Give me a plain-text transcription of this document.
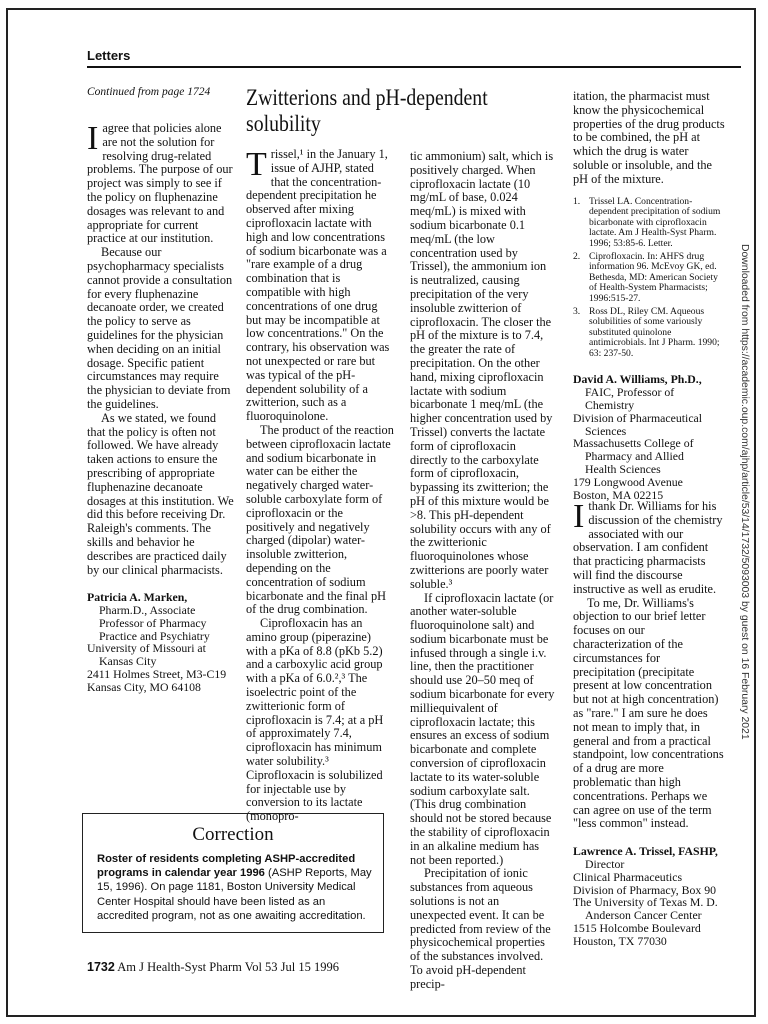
Letters
Continued from page 1724

Iagree that policies alone are not the solution for resolving drug-related problems. The purpose of our project was simply to see if the policy on fluphenazine dosages was relevant to and appropriate for current practice at our institution.

Because our psychopharmacy specialists cannot provide a consultation for every fluphenazine decanoate order, we created the policy to serve as guidelines for the physician when deciding on an initial dosage. Specific patient circumstances may require the physician to deviate from the guidelines.

As we stated, we found that the policy is often not followed. We have already taken actions to ensure the prescribing of appropriate fluphenazine decanoate dosages at this institution. We did this before receiving Dr. Raleigh's comments. The skills and behavior he describes are practiced daily by our clinical pharmacists.

Patricia A. Marken,
Pharm.D., Associate
Professor of Pharmacy
Practice and Psychiatry
University of Missouri at
Kansas City
2411 Holmes Street, M3-C19
Kansas City, MO 64108
Zwitterions and pH-dependent solubility

Trissel,¹ in the January 1, issue of AJHP, stated that the concentration-dependent precipitation he observed after mixing ciprofloxacin lactate with high and low concentrations of sodium bicarbonate was a "rare example of a drug combination that is compatible with high concentrations of one drug but may be incompatible at low concentrations." On the contrary, his observation was not unexpected or rare but was typical of the pH-dependent solubility of a zwitterion, such as a fluoroquinolone.

The product of the reaction between ciprofloxacin lactate and sodium bicarbonate in water can be either the negatively charged water-soluble carboxylate form of ciprofloxacin or the positively and negatively charged (dipolar) water-insoluble zwitterion, depending on the concentration of sodium bicarbonate and the final pH of the drug combination.

Ciprofloxacin has an amino group (piperazine) with a pKa of 8.8 (pKb 5.2) and a carboxylic acid group with a pKa of 6.0.²,³ The isoelectric point of the zwitterionic form of ciprofloxacin is 7.4; at a pH of approximately 7.4, ciprofloxacin has minimum water solubility.³ Ciprofloxacin is solubilized for injectable use by conversion to its lactate (monopro-

tic ammonium) salt, which is positively charged. When ciprofloxacin lactate (10 mg/mL of base, 0.024 meq/mL) is mixed with sodium bicarbonate 0.1 meq/mL (the low concentration used by Trissel), the ammonium ion is neutralized, causing precipitation of the very insoluble zwitterion of ciprofloxacin. The closer the pH of the mixture is to 7.4, the greater the rate of precipitation. On the other hand, mixing ciprofloxacin lactate with sodium bicarbonate 1 meq/mL (the higher concentration used by Trissel) converts the lactate form of ciprofloxacin directly to the carboxylate form of ciprofloxacin, bypassing its zwitterion; the pH of this mixture would be >8. This pH-dependent solubility occurs with any of the zwitterionic fluoroquinolones whose zwitterions are poorly water soluble.³

If ciprofloxacin lactate (or another water-soluble fluoroquinolone salt) and sodium bicarbonate must be infused through a single i.v. line, then the practitioner should use 20–50 meq of sodium bicarbonate for every milliequivalent of ciprofloxacin lactate; this ensures an excess of sodium bicarbonate and complete conversion of ciprofloxacin lactate to its water-soluble sodium carboxylate salt. (This drug combination should not be stored because the stability of ciprofloxacin in an alkaline medium has not been reported.)

Precipitation of ionic substances from aqueous solutions is not an unexpected event. It can be predicted from review of the physicochemical properties of the substances involved. To avoid pH-dependent precip-

itation, the pharmacist must know the physicochemical properties of the drug products to be combined, the pH at which the drug is water soluble or insoluble, and the pH of the mixture.

1. Trissel LA. Concentration-dependent precipitation of sodium bicarbonate with ciprofloxacin lactate. Am J Health-Syst Pharm. 1996; 53:85-6. Letter.
2. Ciprofloxacin. In: AHFS drug information 96. McEvoy GK, ed. Bethesda, MD: American Society of Health-System Pharmacists; 1996:515-27.
3. Ross DL, Riley CM. Aqueous solubilities of some variously substituted quinolone antimicrobials. Int J Pharm. 1990; 63: 237-50.
David A. Williams, Ph.D.,
FAIC, Professor of
Chemistry
Division of Pharmaceutical
Sciences
Massachusetts College of
Pharmacy and Allied
Health Sciences
179 Longwood Avenue
Boston, MA 02215

Ithank Dr. Williams for his discussion of the chemistry associated with our observation. I am confident that practicing pharmacists will find the discourse instructive as well as erudite.

To me, Dr. Williams's objection to our brief letter focuses on our characterization of the circumstances for precipitation (precipitate present at low concentration but not at high concentration) as "rare." I am sure he does not mean to imply that, in general and from a practical standpoint, low concentrations of a drug are more problematic than high concentrations. Perhaps we can agree on use of the term "less common" instead.

Lawrence A. Trissel, FASHP,
Director
Clinical Pharmaceutics
Division of Pharmacy, Box 90
The University of Texas M. D.
Anderson Cancer Center
1515 Holcombe Boulevard
Houston, TX 77030
Correction

Roster of residents completing ASHP-accredited programs in calendar year 1996 (ASHP Reports, May 15, 1996). On page 1181, Boston University Medical Center Hospital should have been listed as an accredited program, not as one awaiting accreditation.

1732 Am J Health-Syst Pharm Vol 53 Jul 15 1996
Downloaded from https://academic.oup.com/ajhp/article/53/14/1732/5093003 by guest on 16 February 2021
